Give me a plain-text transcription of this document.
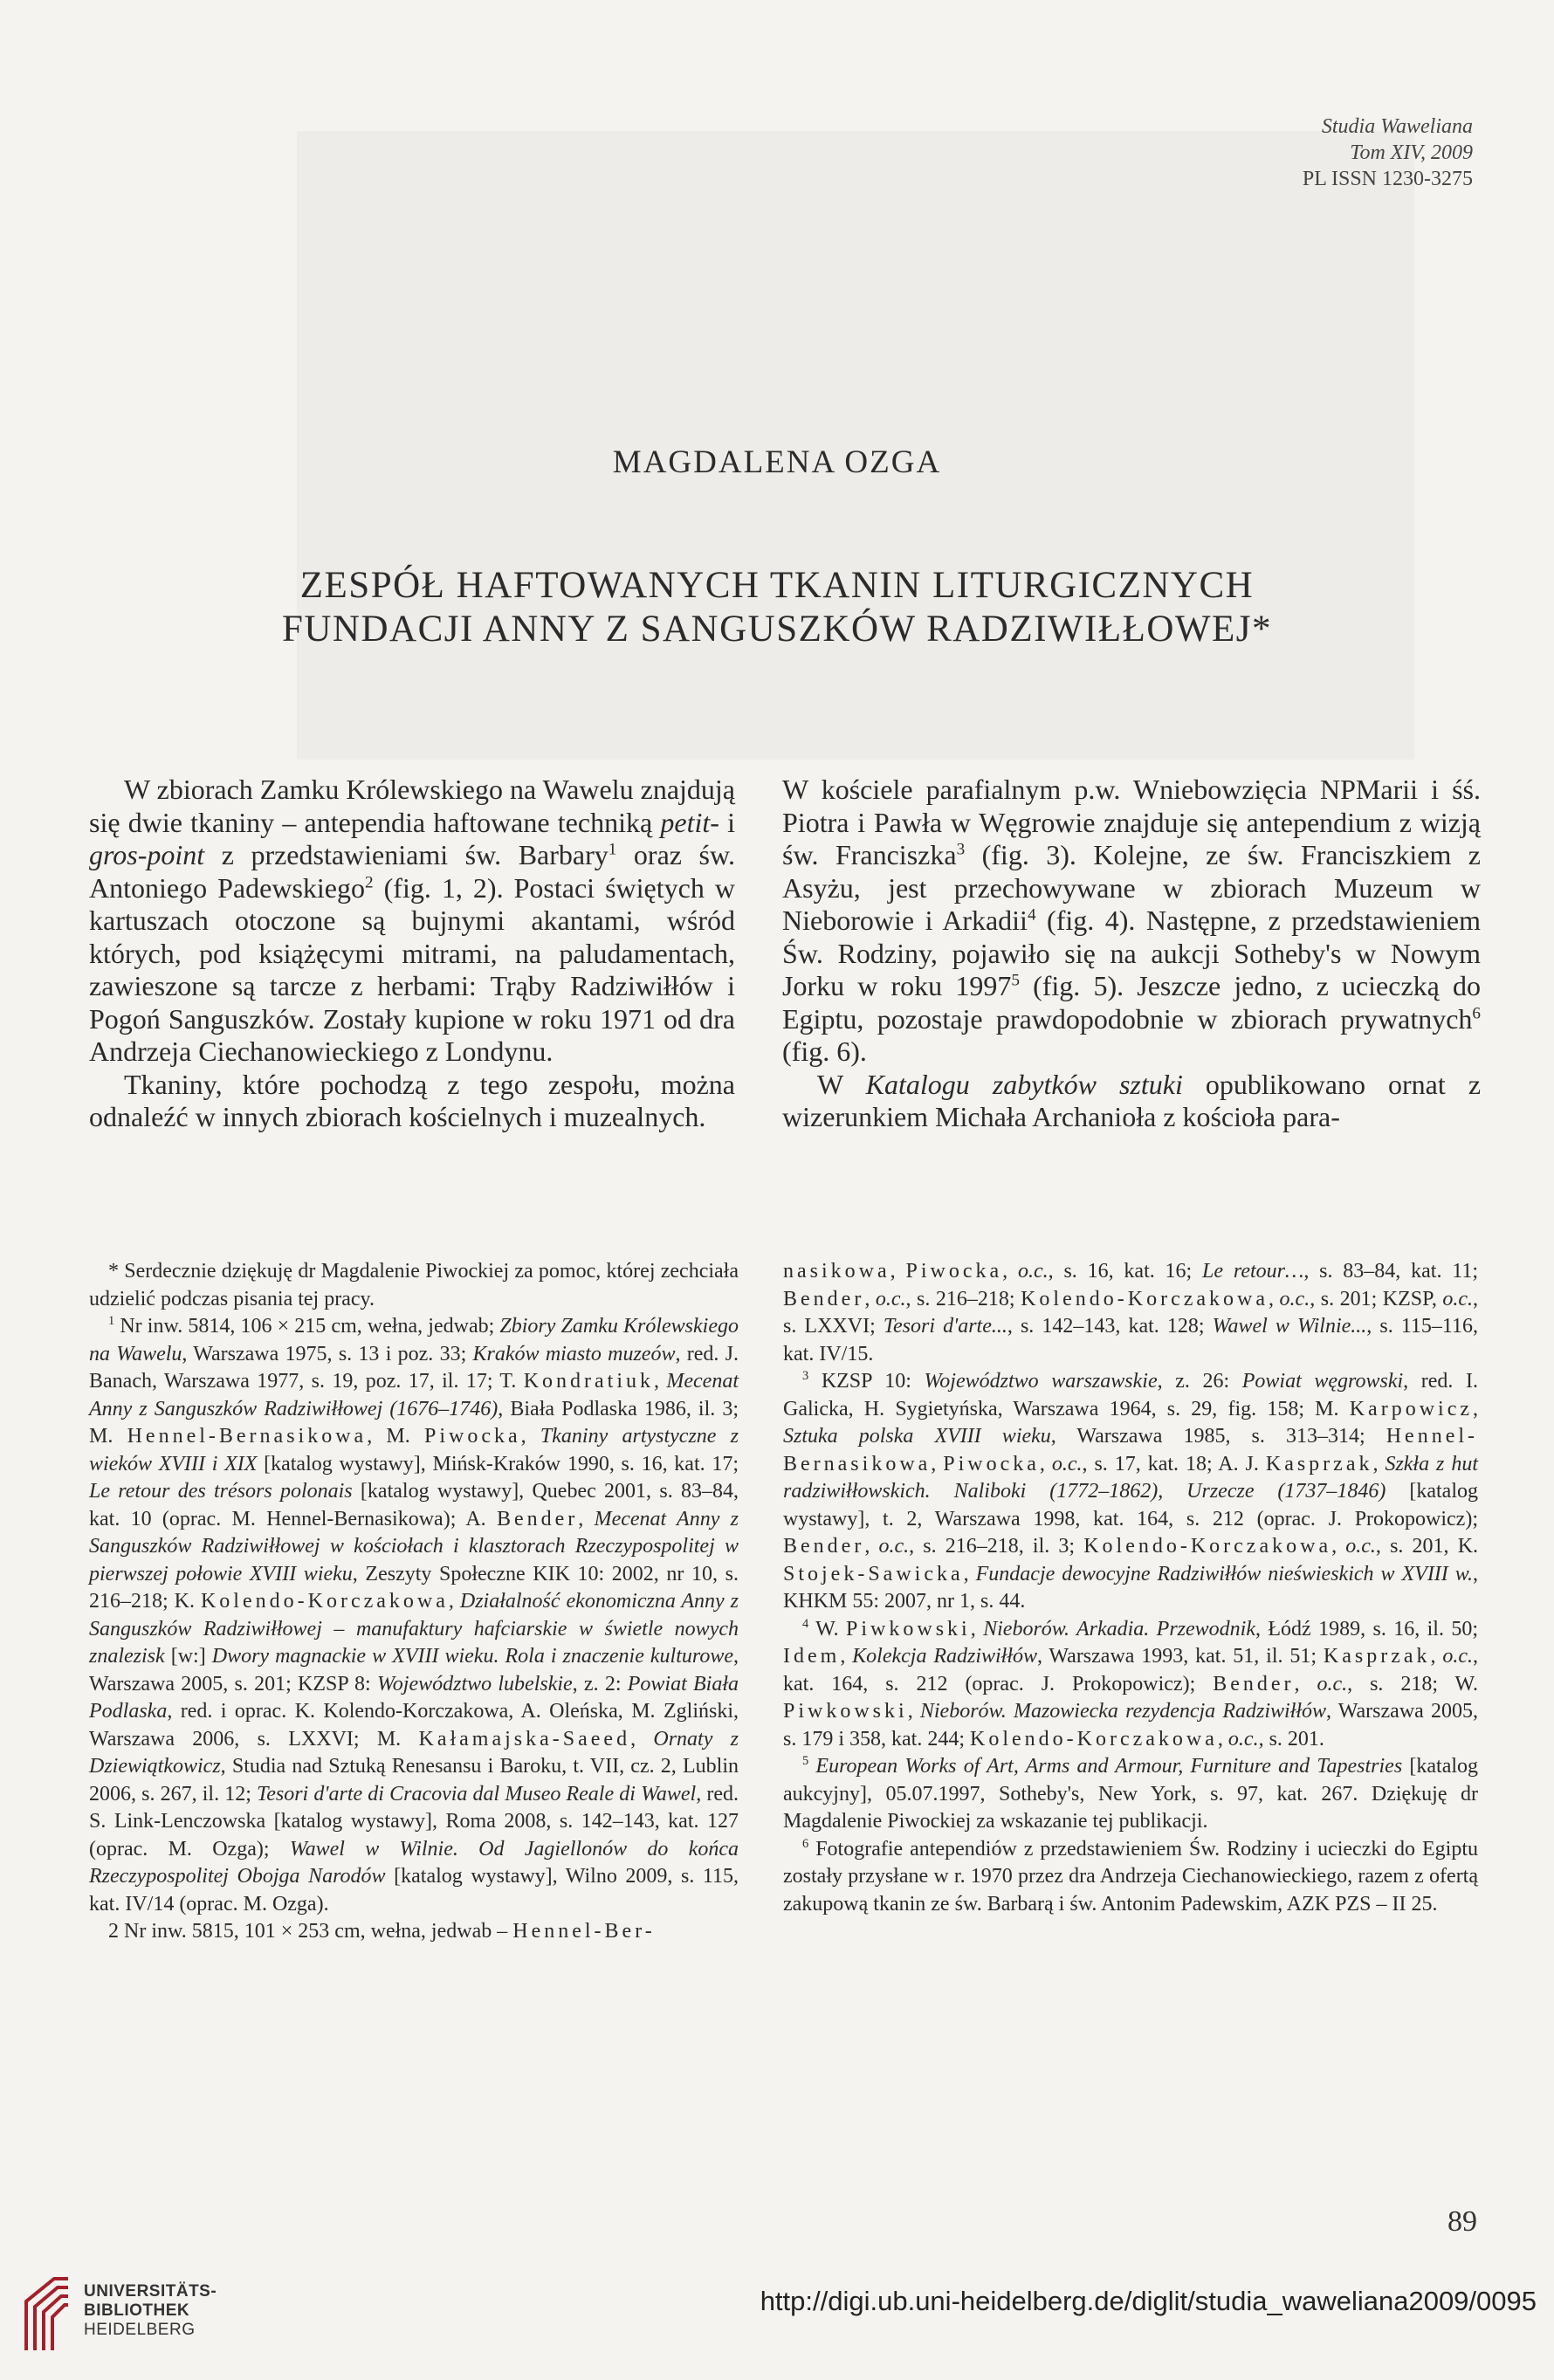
Studia Waweliana
Tom XIV, 2009
PL ISSN 1230-3275
MAGDALENA OZGA
ZESPÓŁ HAFTOWANYCH TKANIN LITURGICZNYCH
FUNDACJI ANNY Z SANGUSZKÓW RADZIWIŁŁOWEJ*

W zbiorach Zamku Królewskiego na Wawelu znajdują się dwie tkaniny – antependia haftowane techniką petit- i gros-point z przedstawieniami św. Barbary$^1$ oraz św. Antoniego Padewskiego$^2$ (fig. 1, 2). Postaci świętych w kartuszach otoczone są bujnymi akantami, wśród których, pod książęcymi mitrami, na paludamentach, zawieszone są tarcze z herbami: Trąby Radziwiłłów i Pogoń Sanguszków. Zostały kupione w roku 1971 od dra Andrzeja Ciechanowieckiego z Londynu.

Tkaniny, które pochodzą z tego zespołu, można odnaleźć w innych zbiorach kościelnych i muzealnych.

W kościele parafialnym p.w. Wniebowzięcia NPMarii i śś. Piotra i Pawła w Węgrowie znajduje się antependium z wizją św. Franciszka$^3$ (fig. 3). Kolejne, ze św. Franciszkiem z Asyżu, jest przechowywane w zbiorach Muzeum w Nieborowie i Arkadii$^4$ (fig. 4). Następne, z przedstawieniem Św. Rodziny, pojawiło się na aukcji Sotheby's w Nowym Jorku w roku 1997$^5$ (fig. 5). Jeszcze jedno, z ucieczką do Egiptu, pozostaje prawdopodobnie w zbiorach prywatnych$^6$ (fig. 6).

W Katalogu zabytków sztuki opublikowano ornat z wizerunkiem Michała Archanioła z kościoła para-

* Serdecznie dziękuję dr Magdalenie Piwockiej za pomoc, której zechciała udzielić podczas pisania tej pracy.

$^1$ Nr inw. 5814, 106 × 215 cm, wełna, jedwab; Zbiory Zamku Królewskiego na Wawelu, Warszawa 1975, s. 13 i poz. 33; Kraków miasto muzeów, red. J. Banach, Warszawa 1977, s. 19, poz. 17, il. 17; T. Kondratiuk, Mecenat Anny z Sanguszków Radziwiłłowej (1676–1746), Biała Podlaska 1986, il. 3; M. Hennel-Bernasikowa, M. Piwocka, Tkaniny artystyczne z wieków XVIII i XIX [katalog wystawy], Mińsk-Kraków 1990, s. 16, kat. 17; Le retour des trésors polonais [katalog wystawy], Quebec 2001, s. 83–84, kat. 10 (oprac. M. Hennel-Bernasikowa); A. Bender, Mecenat Anny z Sanguszków Radziwiłłowej w kościołach i klasztorach Rzeczypospolitej w pierwszej połowie XVIII wieku, Zeszyty Społeczne KIK 10: 2002, nr 10, s. 216–218; K. Kolendo-Korczakowa, Działalność ekonomiczna Anny z Sanguszków Radziwiłłowej – manufaktury hafciarskie w świetle nowych znalezisk [w:] Dwory magnackie w XVIII wieku. Rola i znaczenie kulturowe, Warszawa 2005, s. 201; KZSP 8: Województwo lubelskie, z. 2: Powiat Biała Podlaska, red. i oprac. K. Kolendo-Korczakowa, A. Oleńska, M. Zgliński, Warszawa 2006, s. LXXVI; M. Kałamajska-Saeed, Ornaty z Dziewiątkowicz, Studia nad Sztuką Renesansu i Baroku, t. VII, cz. 2, Lublin 2006, s. 267, il. 12; Tesori d'arte di Cracovia dal Museo Reale di Wawel, red. S. Link-Lenczowska [katalog wystawy], Roma 2008, s. 142–143, kat. 127 (oprac. M. Ozga); Wawel w Wilnie. Od Jagiellonów do końca Rzeczypospolitej Obojga Narodów [katalog wystawy], Wilno 2009, s. 115, kat. IV/14 (oprac. M. Ozga).

2 Nr inw. 5815, 101 × 253 cm, wełna, jedwab – Hennel-Ber-

nasikowa, Piwocka, o.c., s. 16, kat. 16; Le retour…, s. 83–84, kat. 11; Bender, o.c., s. 216–218; Kolendo-Korczakowa, o.c., s. 201; KZSP, o.c., s. LXXVI; Tesori d'arte..., s. 142–143, kat. 128; Wawel w Wilnie..., s. 115–116, kat. IV/15.

$^3$ KZSP 10: Województwo warszawskie, z. 26: Powiat węgrowski, red. I. Galicka, H. Sygietyńska, Warszawa 1964, s. 29, fig. 158; M. Karpowicz, Sztuka polska XVIII wieku, Warszawa 1985, s. 313–314; Hennel-Bernasikowa, Piwocka, o.c., s. 17, kat. 18; A. J. Kasprzak, Szkła z hut radziwiłłowskich. Naliboki (1772–1862), Urzecze (1737–1846) [katalog wystawy], t. 2, Warszawa 1998, kat. 164, s. 212 (oprac. J. Prokopowicz); Bender, o.c., s. 216–218, il. 3; Kolendo-Korczakowa, o.c., s. 201, K. Stojek-Sawicka, Fundacje dewocyjne Radziwiłłów nieświeskich w XVIII w., KHKM 55: 2007, nr 1, s. 44.

$^4$ W. Piwkowski, Nieborów. Arkadia. Przewodnik, Łódź 1989, s. 16, il. 50; Idem, Kolekcja Radziwiłłów, Warszawa 1993, kat. 51, il. 51; Kasprzak, o.c., kat. 164, s. 212 (oprac. J. Prokopowicz); Bender, o.c., s. 218; W. Piwkowski, Nieborów. Mazowiecka rezydencja Radziwiłłów, Warszawa 2005, s. 179 i 358, kat. 244; Kolendo-Korczakowa, o.c., s. 201.

$^5$ European Works of Art, Arms and Armour, Furniture and Tapestries [katalog aukcyjny], 05.07.1997, Sotheby's, New York, s. 97, kat. 267. Dziękuję dr Magdalenie Piwockiej za wskazanie tej publikacji.

$^6$ Fotografie antependiów z przedstawieniem Św. Rodziny i ucieczki do Egiptu zostały przysłane w r. 1970 przez dra Andrzeja Ciechanowieckiego, razem z ofertą zakupową tkanin ze św. Barbarą i św. Antonim Padewskim, AZK PZS – II 25.

89
UNIVERSITÄTS-
BIBLIOTHEK
HEIDELBERG
http://digi.ub.uni-heidelberg.de/diglit/studia_waweliana2009/0095
